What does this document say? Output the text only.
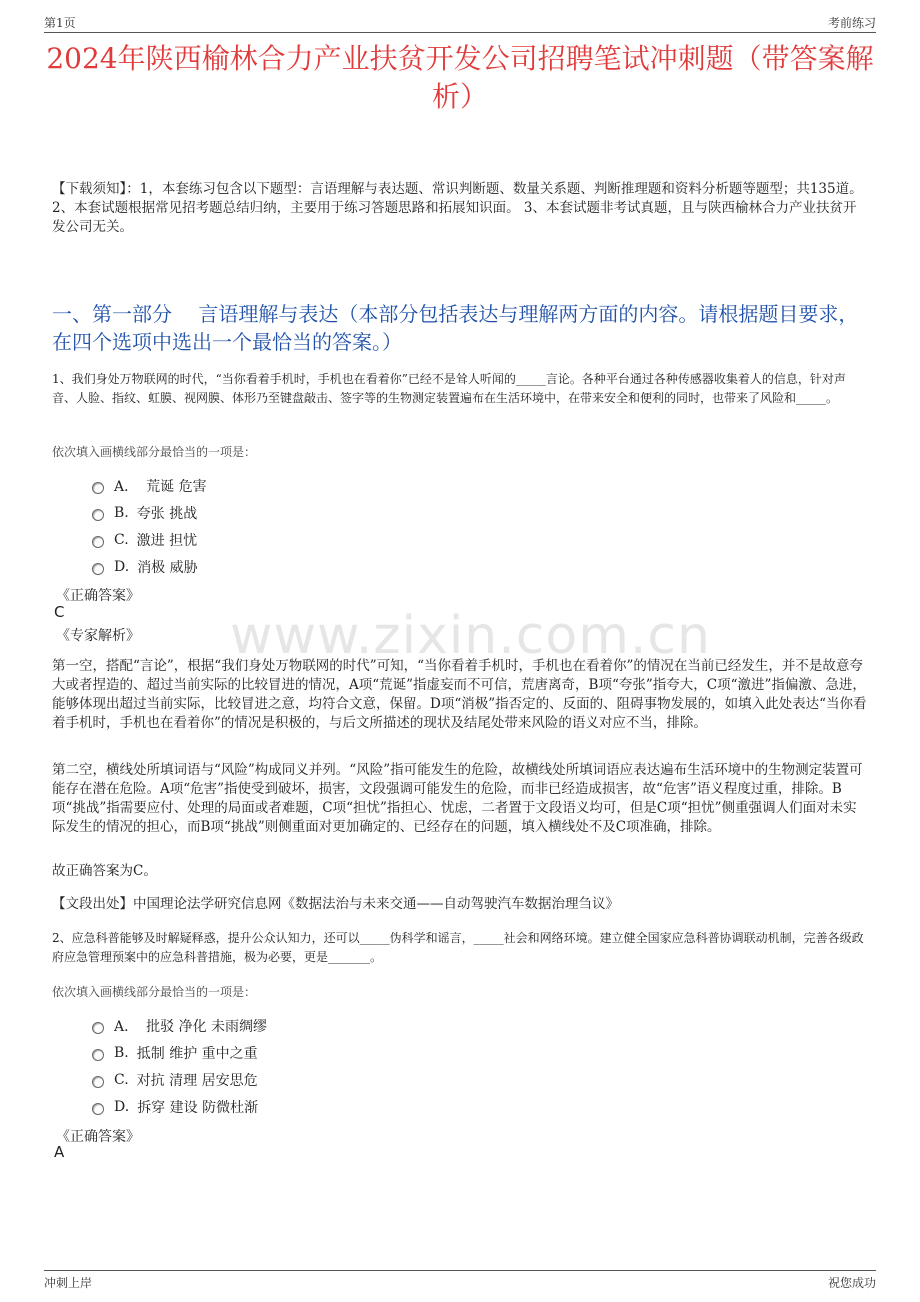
第1页	考前练习
2024年陕西榆林合力产业扶贫开发公司招聘笔试冲刺题（带答案解析）
【下载须知】：1，本套练习包含以下题型：言语理解与表达题、常识判断题、数量关系题、判断推理题和资料分析题等题型；共135道。 2、本套试题根据常见招考题总结归纳，主要用于练习答题思路和拓展知识面。 3、本套试题非考试真题，且与陕西榆林合力产业扶贫开发公司无关。
一、第一部分　 言语理解与表达（本部分包括表达与理解两方面的内容。请根据题目要求，在四个选项中选出一个最恰当的答案。）
1、我们身处万物联网的时代，“当你看着手机时，手机也在看着你”已经不是耸人听闻的_____言论。各种平台通过各种传感器收集着人的信息，针对声音、人脸、指纹、虹膜、视网膜、体形乃至键盘敲击、签字等的生物测定装置遍布在生活环境中，在带来安全和便利的同时，也带来了风险和_____。
依次填入画横线部分最恰当的一项是：
A． 荒诞 危害
B. 夸张 挑战
C. 激进 担忧
D. 消极 威胁
《正确答案》
C
《专家解析》 www.zixin.com.cn
第一空，搭配“言论”，根据“我们身处万物联网的时代”可知，“当你看着手机时，手机也在看着你”的情况在当前已经发生，并不是故意夸大或者捏造的、超过当前实际的比较冒进的情况，A项“荒诞”指虚妄而不可信，荒唐离奇，B项“夸张”指夸大，C项“激进”指偏激、急进，能够体现出超过当前实际，比较冒进之意，均符合文意，保留。D项“消极”指否定的、反面的、阻碍事物发展的，如填入此处表达“当你看着手机时，手机也在看着你”的情况是积极的，与后文所描述的现状及结尾处带来风险的语义对应不当，排除。
第二空，横线处所填词语与“风险”构成同义并列。“风险”指可能发生的危险，故横线处所填词语应表达遍布生活环境中的生物测定装置可能存在潜在危险。A项“危害”指使受到破坏，损害，文段强调可能发生的危险，而非已经造成损害，故“危害”语义程度过重，排除。B项“挑战”指需要应付、处理的局面或者难题，C项“担忧”指担心、忧虑，二者置于文段语义均可，但是C项“担忧”侧重强调人们面对未实际发生的情况的担心，而B项“挑战”则侧重面对更加确定的、已经存在的问题，填入横线处不及C项准确，排除。
故正确答案为C。
【文段出处】中国理论法学研究信息网《数据法治与未来交通——自动驾驶汽车数据治理刍议》
2、应急科普能够及时解疑释惑，提升公众认知力，还可以_____伪科学和谣言，_____社会和网络环境。建立健全国家应急科普协调联动机制，完善各级政府应急管理预案中的应急科普措施，极为必要，更是_______。
依次填入画横线部分最恰当的一项是：
A． 批驳 净化 未雨绸缪
B. 抵制 维护 重中之重
C. 对抗 清理 居安思危
D. 拆穿 建设 防微杜渐
《正确答案》
A
冲刺上岸	祝您成功
